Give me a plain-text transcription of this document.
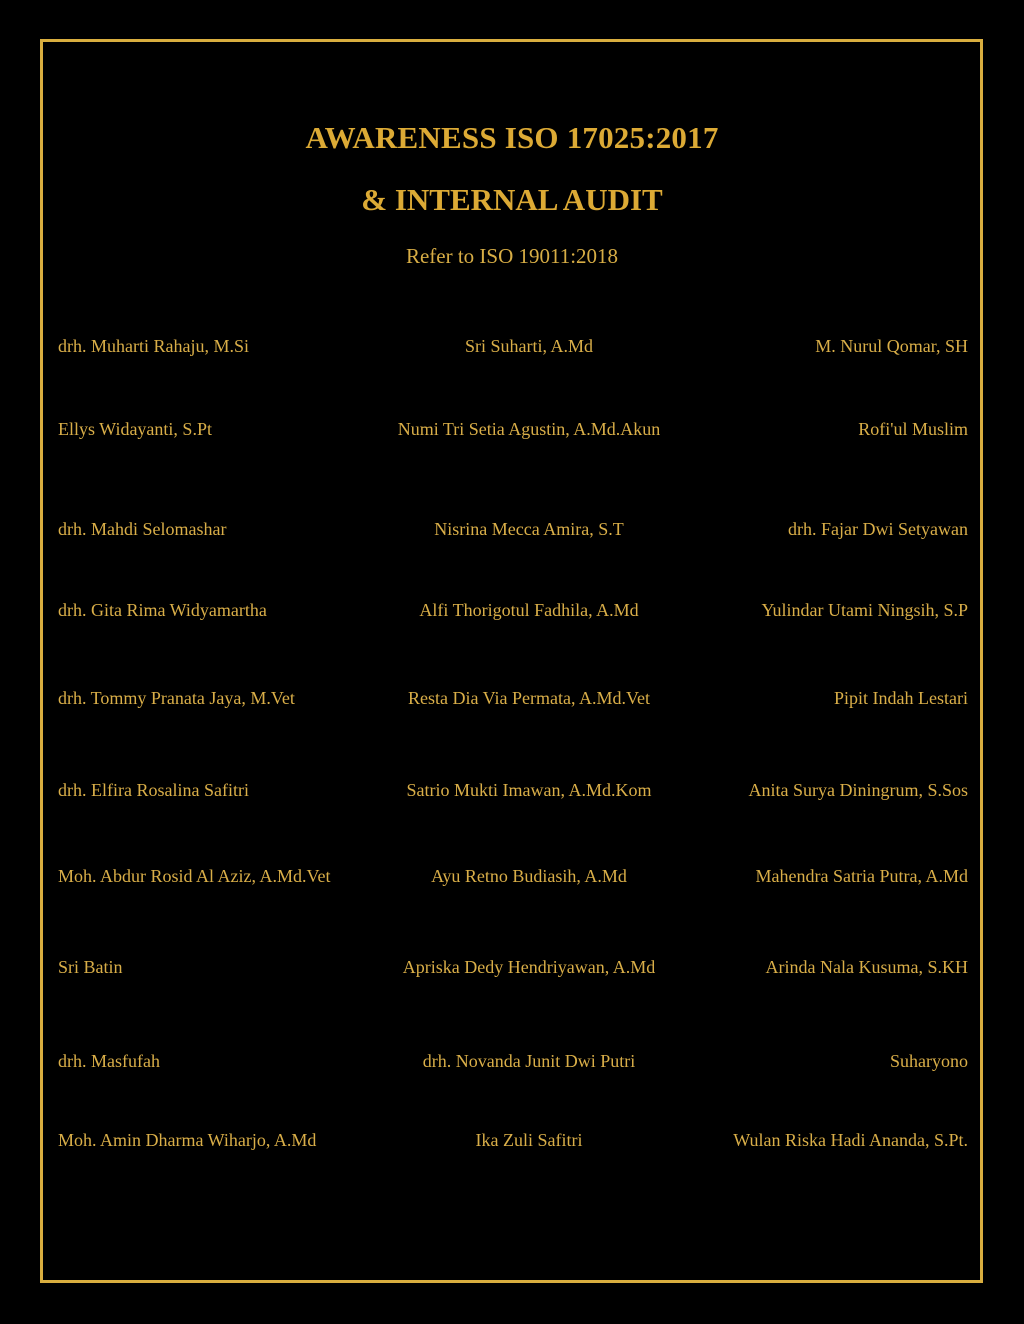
AWARENESS ISO 17025:2017
& INTERNAL AUDIT
Refer to ISO 19011:2018
drh. Muharti Rahaju, M.Si	Sri Suharti, A.Md	M. Nurul Qomar, SH
Ellys Widayanti, S.Pt	Numi Tri Setia Agustin, A.Md.Akun	Rofi'ul Muslim
drh. Mahdi Selomashar	Nisrina Mecca Amira, S.T	drh. Fajar Dwi Setyawan
drh. Gita Rima Widyamartha	Alfi Thorigotul Fadhila, A.Md	Yulindar Utami Ningsih, S.P
drh. Tommy Pranata Jaya, M.Vet	Resta Dia Via Permata, A.Md.Vet	Pipit Indah Lestari
drh. Elfira Rosalina Safitri	Satrio Mukti Imawan, A.Md.Kom	Anita Surya Diningrum, S.Sos
Moh. Abdur Rosid Al Aziz, A.Md.Vet	Ayu Retno Budiasih, A.Md	Mahendra Satria Putra, A.Md
Sri Batin	Apriska Dedy Hendriyawan, A.Md	Arinda Nala Kusuma, S.KH
drh. Masfufah	drh. Novanda Junit Dwi Putri	Suharyono
Moh. Amin Dharma Wiharjo, A.Md	Ika Zuli Safitri	Wulan Riska Hadi Ananda, S.Pt.
